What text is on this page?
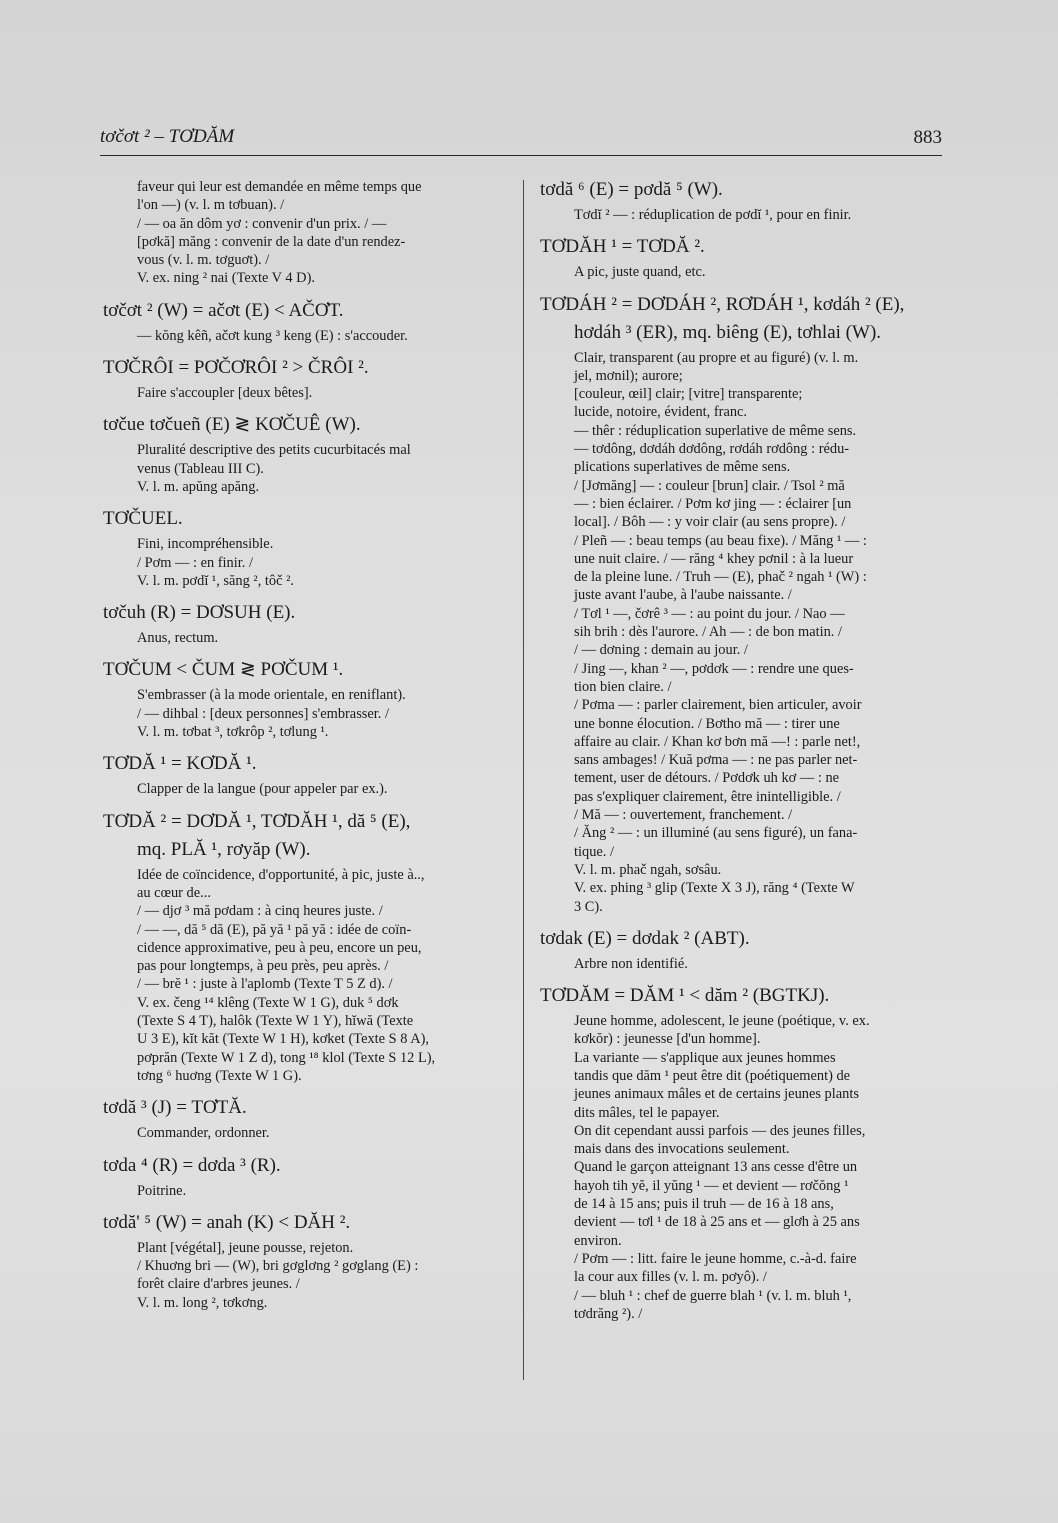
tơčơt ² – TƠDĂM	883
faveur qui leur est demandée en même temps que
l'on —) (v. l. m tơbuan). /
/ — oa ăn dôm yơ : convenir d'un prix. / —
[pơkă] măng : convenir de la date d'un rendez-
vous (v. l. m. tơguơt). /
V. ex. ning ² nai (Texte V 4 D).
tơčơt ² (W) = ačơt (E) < AČƠT.
— kŏng kêñ, ačơt kung ³ keng (E) : s'accouder.
TƠČRÔI = PƠČƠRÔI ² > ČRÔI ².
Faire s'accoupler [deux bêtes].
tơčue tơčueñ (E) ≷ KƠČUÊ (W).
Pluralité descriptive des petits cucurbitacés mal
venus (Tableau III C).
V. l. m. apŭng apăng.
TƠČUEL.
Fini, incompréhensible.
/ Pơm — : en finir. /
V. l. m. pơdĭ ¹, săng ², tôč ².
tơčuh (R) = DƠSUH (E).
Anus, rectum.
TƠČUM < ČUM ≷ PƠČUM ¹.
S'embrasser (à la mode orientale, en reniflant).
/ — dihbal : [deux personnes] s'embrasser. /
V. l. m. tơbat ³, tơkrôp ², tơlung ¹.
TƠDĂ ¹ = KƠDĂ ¹.
Clapper de la langue (pour appeler par ex.).
TƠDĂ ² = DƠDĂ ¹, TƠDĂH ¹, dă ⁵ (E),
mq. PLĂ ¹, rơyăp (W).
Idée de coïncidence, d'opportunité, à pic, juste à..,
au cœur de...
/ — djơ ³ mă pơdam : à cinq heures juste. /
/ — —, dă ⁵ dă (E), pă yă ¹ pă yă : idée de coïn-
cidence approximative, peu à peu, encore un peu,
pas pour longtemps, à peu près, peu après. /
/ — brĕ ¹ : juste à l'aplomb (Texte T 5 Z d). /
V. ex. čeng ¹⁴ klêng (Texte W 1 G), duk ⁵ dơk
(Texte S 4 T), halôk (Texte W 1 Y), hĭwă (Texte
U 3 E), kĭt kăt (Texte W 1 H), kơket (Texte S 8 A),
pơprăn (Texte W 1 Z d), tong ¹⁸ klol (Texte S 12 L),
tơng ⁶ huơng (Texte W 1 G).
tơdă ³ (J) = TƠTĂ.
Commander, ordonner.
tơda ⁴ (R) = dơda ³ (R).
Poitrine.
tơdă' ⁵ (W) = anah (K) < DĂH ².
Plant [végétal], jeune pousse, rejeton.
/ Khuơng bri — (W), bri gơglơng ² gơglang (E) :
forêt claire d'arbres jeunes. /
V. l. m. long ², tơkơng.
tơdă ⁶ (E) = pơdă ⁵ (W).
Tơdĭ ² — : réduplication de pơdĭ ¹, pour en finir.
TƠDĂH ¹ = TƠDĂ ².
A pic, juste quand, etc.
TƠDÁH ² = DƠDÁH ², RƠDÁH ¹, kơdáh ² (E),
hơdáh ³ (ER), mq. biêng (E), tơhlai (W).
Clair, transparent (au propre et au figuré) (v. l. m.
jel, mơnil); aurore;
[couleur, œil] clair; [vitre] transparente;
lucide, notoire, évident, franc.
— thêr : réduplication superlative de même sens.
— tơdông, dơdáh dơdông, rơdáh rơdông : rédu-
plications superlatives de même sens.
/ [Jơmăng] — : couleur [brun] clair. / Tsol ² mă
— : bien éclairer. / Pơm kơ jing — : éclairer [un
local]. / Bôh — : y voir clair (au sens propre). /
/ Pleñ — : beau temps (au beau fixe). / Măng ¹ — :
une nuit claire. / — răng ⁴ khey pơnil : à la lueur
de la pleine lune. / Truh — (E), phač ² ngah ¹ (W) :
juste avant l'aube, à l'aube naissante. /
/ Tơl ¹ —, čơrê ³ — : au point du jour. / Nao —
sih brih : dès l'aurore. / Ah — : de bon matin. /
/ — dơning : demain au jour. /
/ Jing —, khan ² —, pơdơk — : rendre une ques-
tion bien claire. /
/ Pơma — : parler clairement, bien articuler, avoir
une bonne élocution. / Bơtho mă — : tirer une
affaire au clair. / Khan kơ bơn mă —! : parle net!,
sans ambages! / Kuă pơma — : ne pas parler net-
tement, user de détours. / Pơdơk uh kơ — : ne
pas s'expliquer clairement, être inintelligible. /
/ Mă — : ouvertement, franchement. /
/ Ăng ² — : un illuminé (au sens figuré), un fana-
tique. /
V. l. m. phač ngah, sơsâu.
V. ex. phing ³ glip (Texte X 3 J), răng ⁴ (Texte W
3 C).
tơdak (E) = dơdak ² (ABT).
Arbre non identifié.
TƠDĂM = DĂM ¹ < dăm ² (BGTKJ).
Jeune homme, adolescent, le jeune (poétique, v. ex.
kơkŏr) : jeunesse [d'un homme].
La variante — s'applique aux jeunes hommes
tandis que dăm ¹ peut être dit (poétiquement) de
jeunes animaux mâles et de certains jeunes plants
dits mâles, tel le papayer.
On dit cependant aussi parfois — des jeunes filles,
mais dans des invocations seulement.
Quand le garçon atteignant 13 ans cesse d'être un
hayoh tih yĕ, il yŭng ¹ — et devient — rơčŏng ¹
de 14 à 15 ans; puis il truh — de 16 à 18 ans,
devient — tơl ¹ de 18 à 25 ans et — glơh à 25 ans
environ.
/ Pơm — : litt. faire le jeune homme, c.-à-d. faire
la cour aux filles (v. l. m. pơyô). /
/ — bluh ¹ : chef de guerre blah ¹ (v. l. m. bluh ¹,
tơdrăng ²). /
